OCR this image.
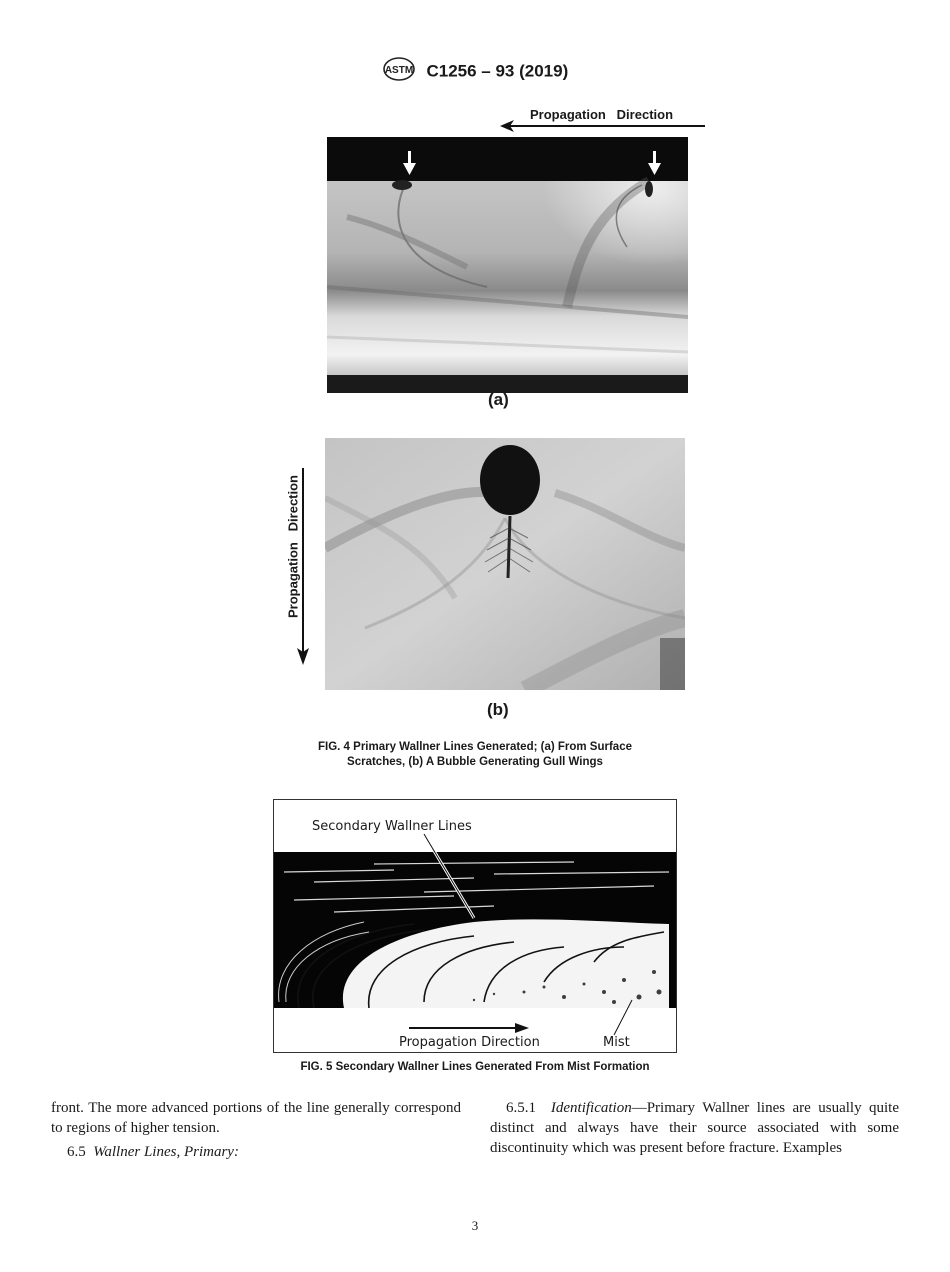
ASTM C1256 – 93 (2019)
Propagation   Direction
(a)
Propagation   Direction
(b)
FIG. 4 Primary Wallner Lines Generated; (a) From Surface
Scratches, (b) A Bubble Generating Gull Wings
Secondary Wallner Lines
Propagation Direction	Mist
FIG. 5 Secondary Wallner Lines Generated From Mist Formation

front. The more advanced portions of the line generally correspond to regions of higher tension.

6.5 Wallner Lines, Primary:

6.5.1 Identification—Primary Wallner lines are usually quite distinct and always have their source associated with some discontinuity which was present before fracture. Examples

3
